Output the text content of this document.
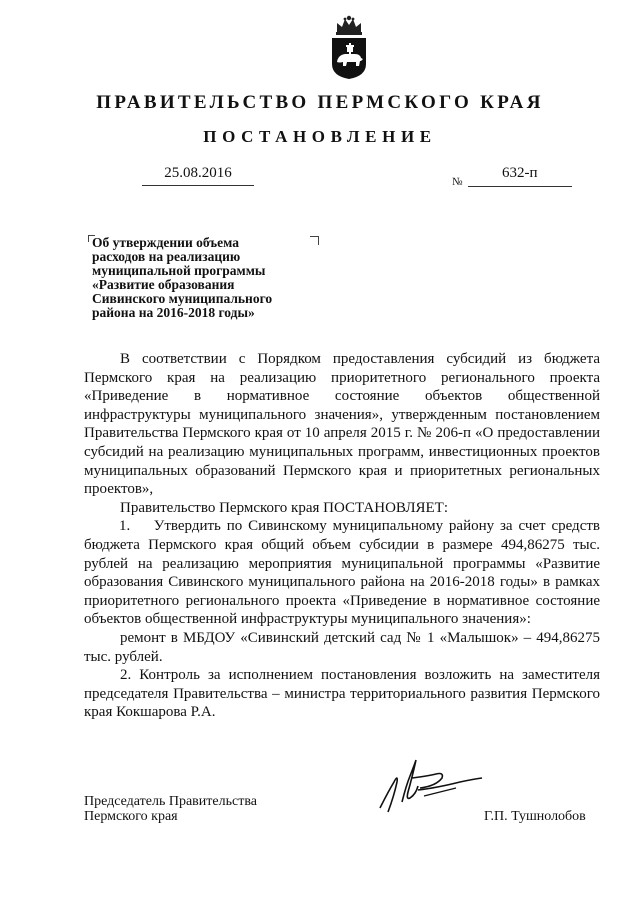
ПРАВИТЕЛЬСТВО ПЕРМСКОГО КРАЯ
ПОСТАНОВЛЕНИЕ
25.08.2016
№
632-п
Об утверждении объема
расходов на реализацию
муниципальной программы
«Развитие образования
Сивинского муниципального
района на 2016-2018 годы»

В соответствии с Порядком предоставления субсидий из бюджета Пермского края на реализацию приоритетного регионального проекта «Приведение в нормативное состояние объектов общественной инфраструктуры муниципального значения», утвержденным постановлением Правительства Пермского края от 10 апреля 2015 г. № 206-п «О предоставлении субсидий на реализацию муниципальных программ, инвестиционных проектов муниципальных образований Пермского края и приоритетных региональных проектов»,

Правительство Пермского края ПОСТАНОВЛЯЕТ:

1.    Утвердить по Сивинскому муниципальному району за счет средств бюджета Пермского края общий объем субсидии в размере 494,86275 тыс. рублей на реализацию мероприятия муниципальной программы «Развитие образования Сивинского муниципального района на 2016-2018 годы» в рамках приоритетного регионального проекта «Приведение в нормативное состояние объектов общественной инфраструктуры муниципального значения»:

ремонт в МБДОУ «Сивинский детский сад № 1 «Малышок» – 494,86275 тыс. рублей.

2. Контроль за исполнением постановления возложить на заместителя председателя Правительства – министра территориального развития Пермского края Кокшарова Р.А.

Председатель Правительства
Пермского края	Г.П. Тушнолобов
